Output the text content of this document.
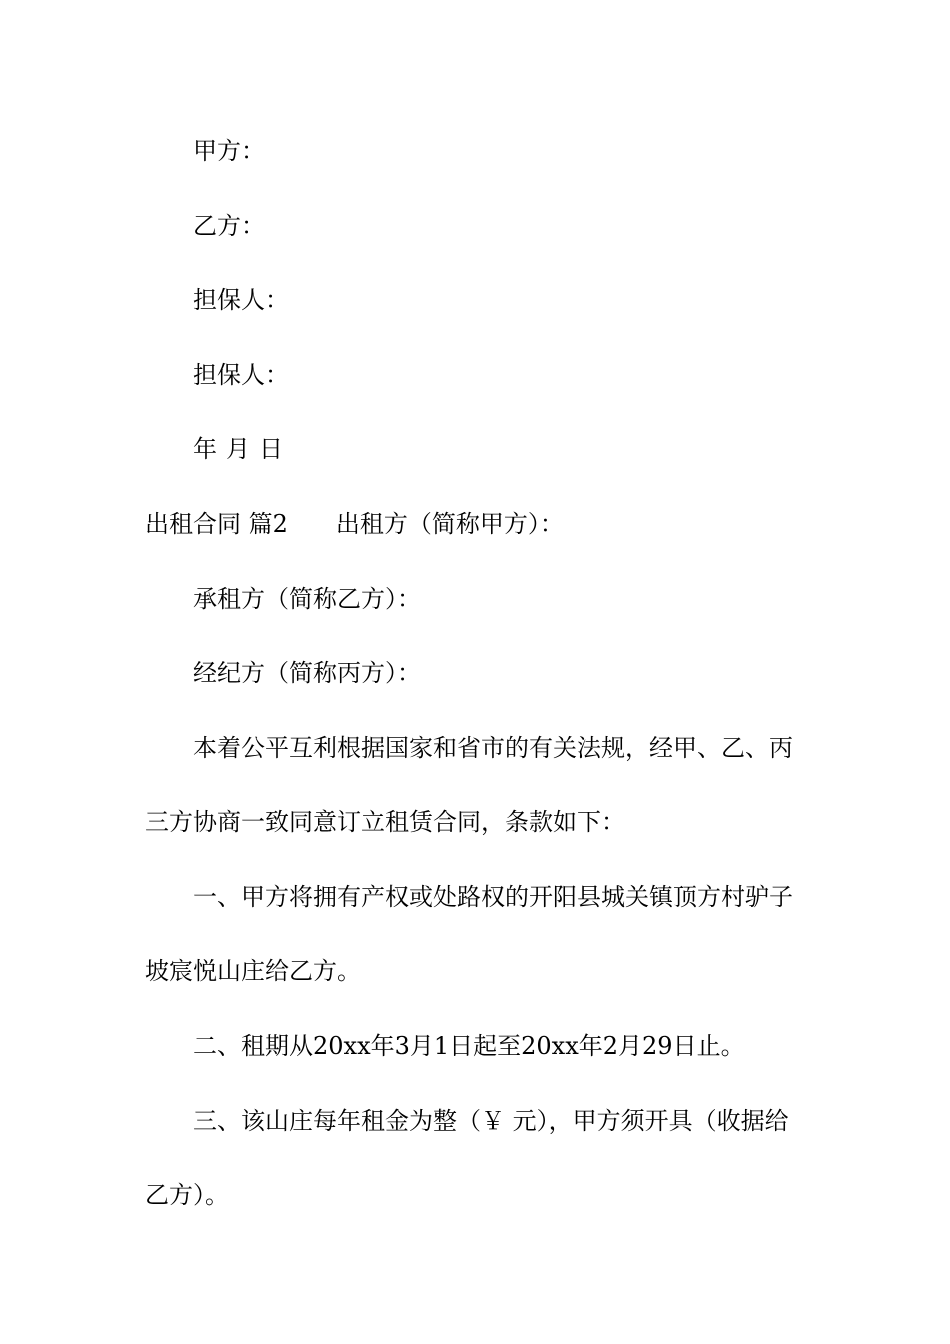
甲方：

乙方：

担保人：

担保人：

年 月 日

出租合同 篇2 出租方（简称甲方）：

承租方（简称乙方）：

经纪方（简称丙方）：

本着公平互利根据国家和省市的有关法规，经甲、乙、丙

三方协商一致同意订立租赁合同，条款如下：

一、甲方将拥有产权或处路权的开阳县城关镇顶方村驴子

坡宸悦山庄给乙方。

二、租期从20xx年3月1日起至20xx年2月29日止。

三、该山庄每年租金为整（￥ 元），甲方须开具（收据给

乙方）。
